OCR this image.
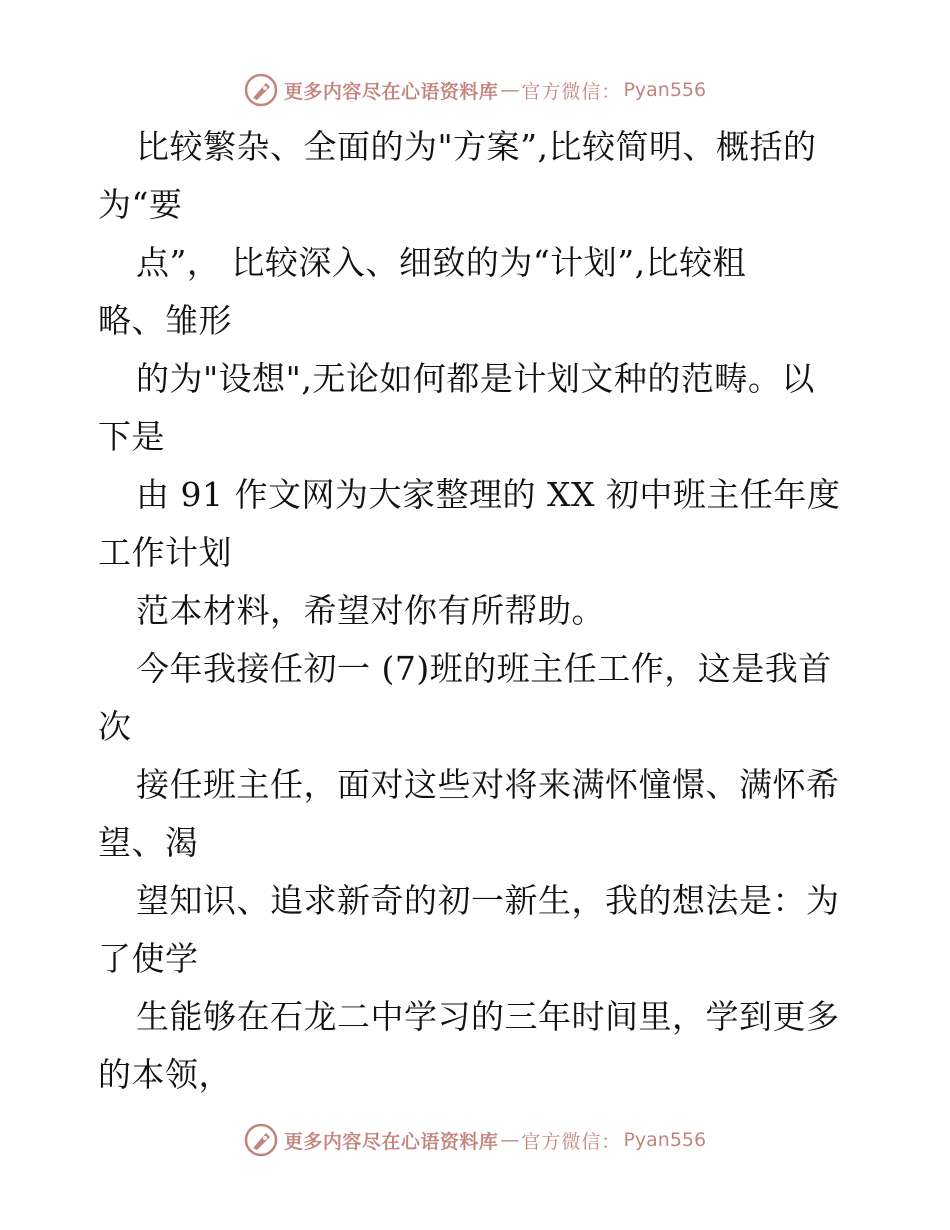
更多内容尽在心语资料库 — 官方微信： Pyan556
比较繁杂、全面的为"方案”,比较简明、概括的
为“要
点”， 比较深入、细致的为“计划”,比较粗
略、雏形
的为"设想",无论如何都是计划文种的范畴。以
下是
由 91 作文网为大家整理的 XX 初中班主任年度
工作计划
范本材料，希望对你有所帮助。
今年我接任初一 (7)班的班主任工作，这是我首
次
接任班主任，面对这些对将来满怀憧憬、满怀希
望、渴
望知识、追求新奇的初一新生，我的想法是：为
了使学
生能够在石龙二中学习的三年时间里，学到更多
的本领，
更多内容尽在心语资料库 — 官方微信： Pyan556
